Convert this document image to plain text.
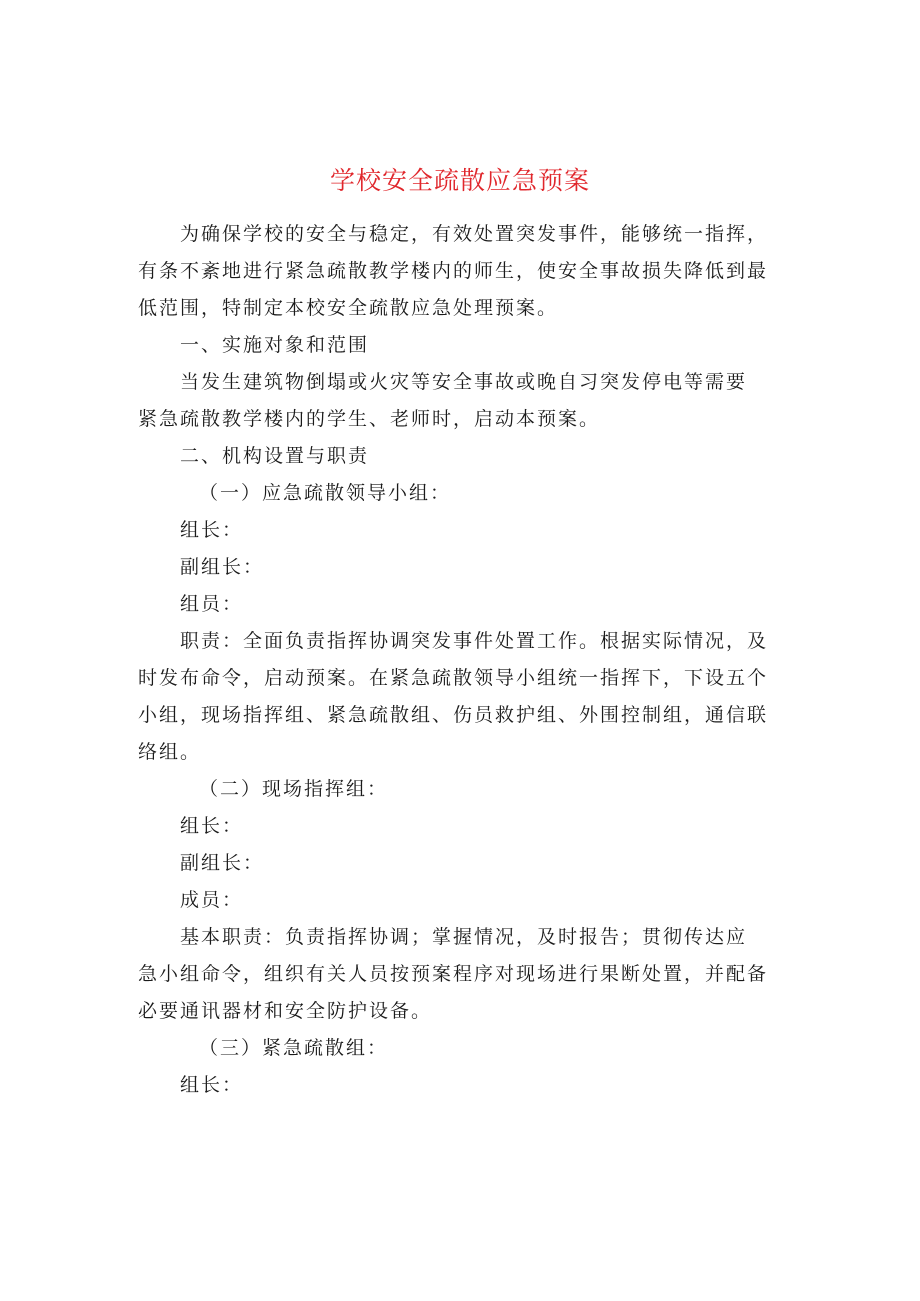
学校安全疏散应急预案
为确保学校的安全与稳定，有效处置突发事件，能够统一指挥，
有条不紊地进行紧急疏散教学楼内的师生，使安全事故损失降低到最
低范围，特制定本校安全疏散应急处理预案。
一、实施对象和范围
当发生建筑物倒塌或火灾等安全事故或晚自习突发停电等需要
紧急疏散教学楼内的学生、老师时，启动本预案。
二、机构设置与职责
（一）应急疏散领导小组：
组长：
副组长：
组员：
职责：全面负责指挥协调突发事件处置工作。根据实际情况，及
时发布命令，启动预案。在紧急疏散领导小组统一指挥下，下设五个
小组，现场指挥组、紧急疏散组、伤员救护组、外围控制组，通信联
络组。
（二）现场指挥组：
组长：
副组长：
成员：
基本职责：负责指挥协调；掌握情况，及时报告；贯彻传达应
急小组命令，组织有关人员按预案程序对现场进行果断处置，并配备
必要通讯器材和安全防护设备。
（三）紧急疏散组：
组长：
